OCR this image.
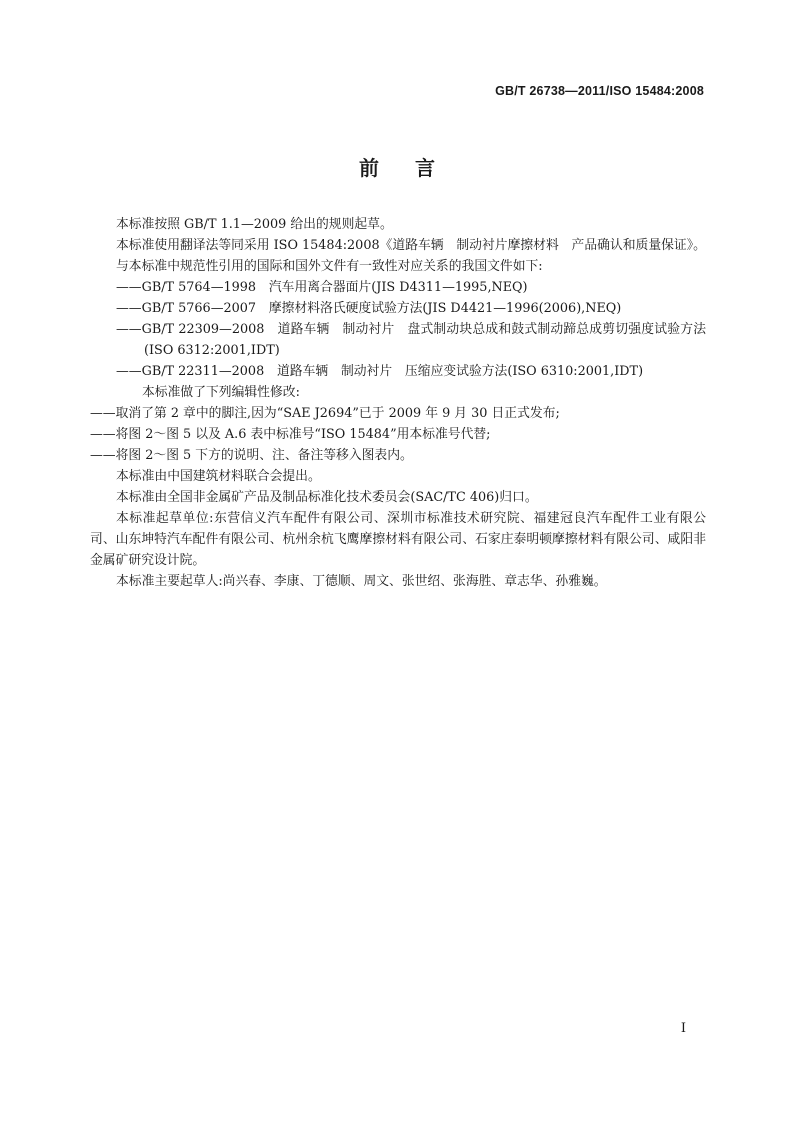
GB/T 26738—2011/ISO 15484:2008
前言

本标准按照 GB/T 1.1—2009 给出的规则起草。

本标准使用翻译法等同采用 ISO 15484:2008《道路车辆　制动衬片摩擦材料　产品确认和质量保证》。

与本标准中规范性引用的国际和国外文件有一致性对应关系的我国文件如下:

——GB/T 5764—1998　汽车用离合器面片(JIS D4311—1995,NEQ)

——GB/T 5766—2007　摩擦材料洛氏硬度试验方法(JIS D4421—1996(2006),NEQ)

——GB/T 22309—2008　道路车辆　制动衬片　盘式制动块总成和鼓式制动蹄总成剪切强度试验方法(ISO 6312:2001,IDT)

——GB/T 22311—2008　道路车辆　制动衬片　压缩应变试验方法(ISO 6310:2001,IDT)

本标准做了下列编辑性修改:

——取消了第 2 章中的脚注,因为“SAE J2694”已于 2009 年 9 月 30 日正式发布;

——将图 2～图 5 以及 A.6 表中标准号“ISO 15484”用本标准号代替;

——将图 2～图 5 下方的说明、注、备注等移入图表内。

本标准由中国建筑材料联合会提出。

本标准由全国非金属矿产品及制品标准化技术委员会(SAC/TC 406)归口。

本标准起草单位:东营信义汽车配件有限公司、深圳市标准技术研究院、福建冠良汽车配件工业有限公司、山东坤特汽车配件有限公司、杭州余杭飞鹰摩擦材料有限公司、石家庄泰明顿摩擦材料有限公司、咸阳非金属矿研究设计院。

本标准主要起草人:尚兴春、李康、丁德顺、周文、张世绍、张海胜、章志华、孙雅巍。

I
